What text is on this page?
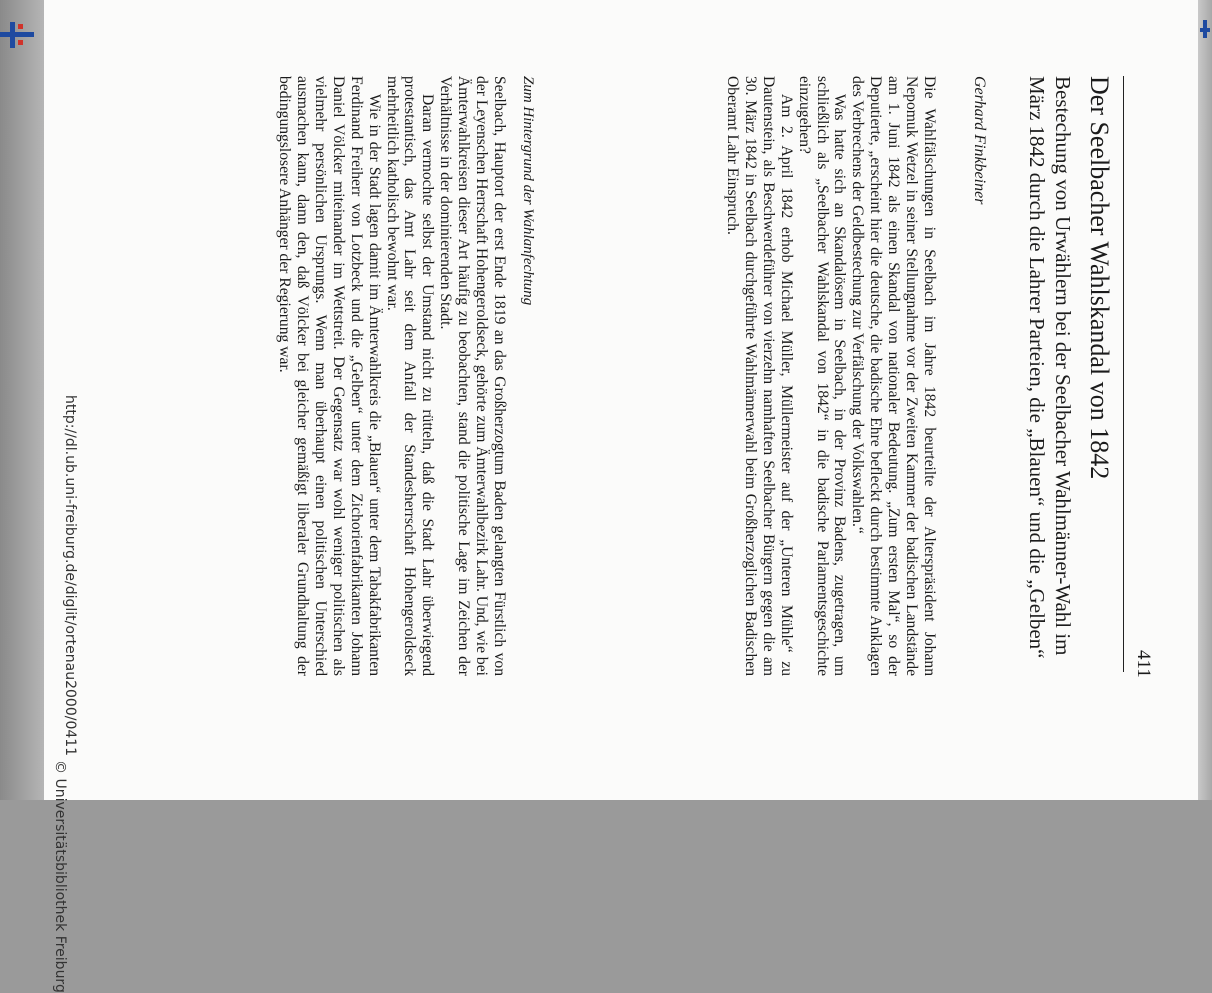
411
Der Seelbacher Wahlskandal von 1842
Bestechung von Urwählern bei der Seelbacher Wahlmänner-Wahl im März 1842 durch die Lahrer Parteien, die „Blauen“ und die „Gelben“
Gerhard Finkbeiner

Die Wahlfälschungen in Seelbach im Jahre 1842 beurteilte der Alterspräsident Johann Nepomuk Wetzel in seiner Stellungnahme vor der Zweiten Kammer der badischen Landstände am 1. Juni 1842 als einen Skandal von nationaler Bedeutung. „Zum ersten Mal“, so der Deputierte, „erscheint hier die deutsche, die badische Ehre befleckt durch bestimmte Anklagen des Verbrechens der Geldbestechung zur Verfälschung der Volkswahlen.“

Was hatte sich an Skandalösem in Seelbach, in der Provinz Badens, zugetragen, um schließlich als „Seelbacher Wahlskandal von 1842“ in die badische Parlamentsgeschichte einzugehen?

Am 2. April 1842 erhob Michael Müller, Müllermeister auf der „Unteren Mühle“ zu Dautenstein, als Beschwerdeführer von vierzehn namhaften Seelbacher Bürgern gegen die am 30. März 1842 in Seelbach durchgeführte Wahlmännerwahl beim Großherzoglichen Badischen Oberamt Lahr Einspruch.

Zum Hintergrund der Wahlanfechtung

Seelbach, Hauptort der erst Ende 1819 an das Großherzogtum Baden gelangten Fürstlich von der Leyenschen Herrschaft Hohengeroldseck, gehörte zum Ämterwahlbezirk Lahr. Und, wie bei Ämterwahlkreisen dieser Art häufig zu beobachten, stand die politische Lage im Zeichen der Verhältnisse in der dominierenden Stadt.

Daran vermochte selbst der Umstand nicht zu rütteln, daß die Stadt Lahr überwiegend protestantisch, das Amt Lahr seit dem Anfall der Standesherrschaft Hohengeroldseck mehrheitlich katholisch bewohnt war.

Wie in der Stadt lagen damit im Ämterwahlkreis die „Blauen“ unter dem Tabakfabrikanten Ferdinand Freiherr von Lotzbeck und die „Gelben“ unter dem Zichorienfabrikanten Johann Daniel Völcker miteinander im Wettstreit. Der Gegensatz war wohl weniger politischen als vielmehr persönlichen Ursprungs. Wenn man überhaupt einen politischen Unterschied ausmachen kann, dann den, daß Völcker bei gleicher gemäßigt liberaler Grundhaltung der bedingungslosere Anhänger der Regierung war.

http://dl.ub.uni-freiburg.de/diglit/ortenau2000/0411
© Universitätsbibliothek Freiburg
